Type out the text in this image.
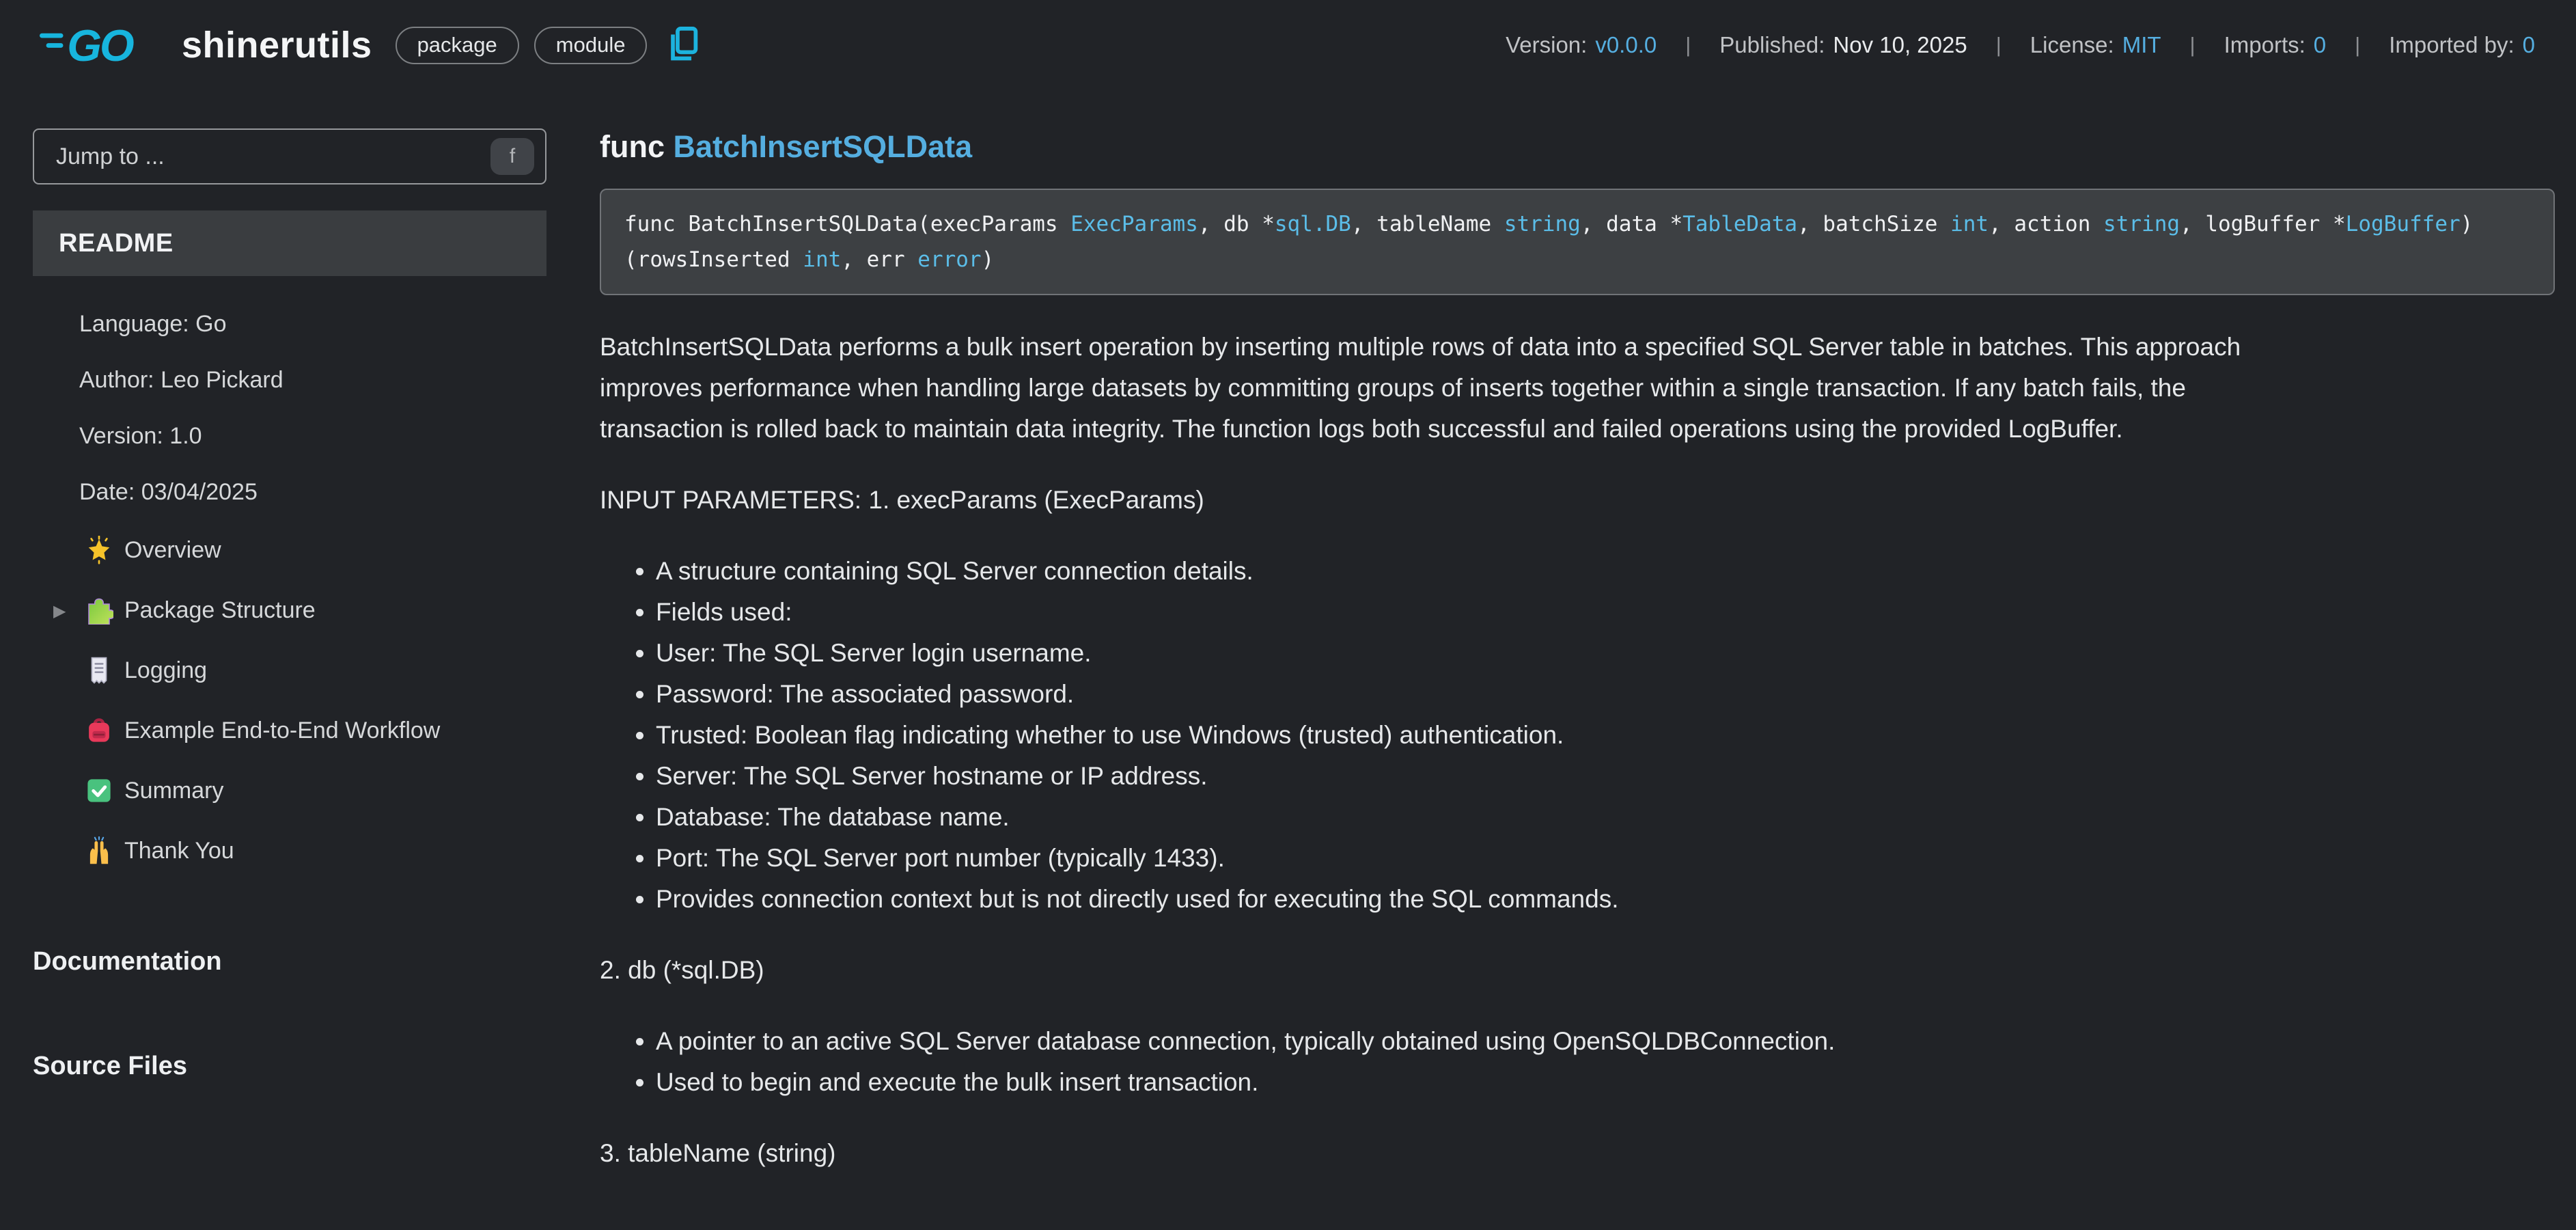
GO shinerutils	package	module	Version: v0.0.0 | Published: Nov 10, 2025 | License: MIT | Imports: 0 | Imported by: 0
Jump to ...
f
README
Language: Go
Author: Leo Pickard
Version: 1.0
Date: 03/04/2025
Overview
▶	Package Structure
Logging
Example End-to-End Workflow
Summary
Thank You
Documentation
Source Files
func BatchInsertSQLData
func BatchInsertSQLData(execParams ExecParams, db *sql.DB, tableName string, data *TableData, batchSize int, action string, logBuffer *LogBuffer)
(rowsInserted int, err error)

BatchInsertSQLData performs a bulk insert operation by inserting multiple rows of data into a specified SQL Server table in batches. This approach improves performance when handling large datasets by committing groups of inserts together within a single transaction. If any batch fails, the transaction is rolled back to maintain data integrity. The function logs both successful and failed operations using the provided LogBuffer.

INPUT PARAMETERS: 1. execParams (ExecParams)

• A structure containing SQL Server connection details.
• Fields used:
• User: The SQL Server login username.
• Password: The associated password.
• Trusted: Boolean flag indicating whether to use Windows (trusted) authentication.
• Server: The SQL Server hostname or IP address.
• Database: The database name.
• Port: The SQL Server port number (typically 1433).
• Provides connection context but is not directly used for executing the SQL commands.

2. db (*sql.DB)

• A pointer to an active SQL Server database connection, typically obtained using OpenSQLDBConnection.
• Used to begin and execute the bulk insert transaction.

3. tableName (string)
